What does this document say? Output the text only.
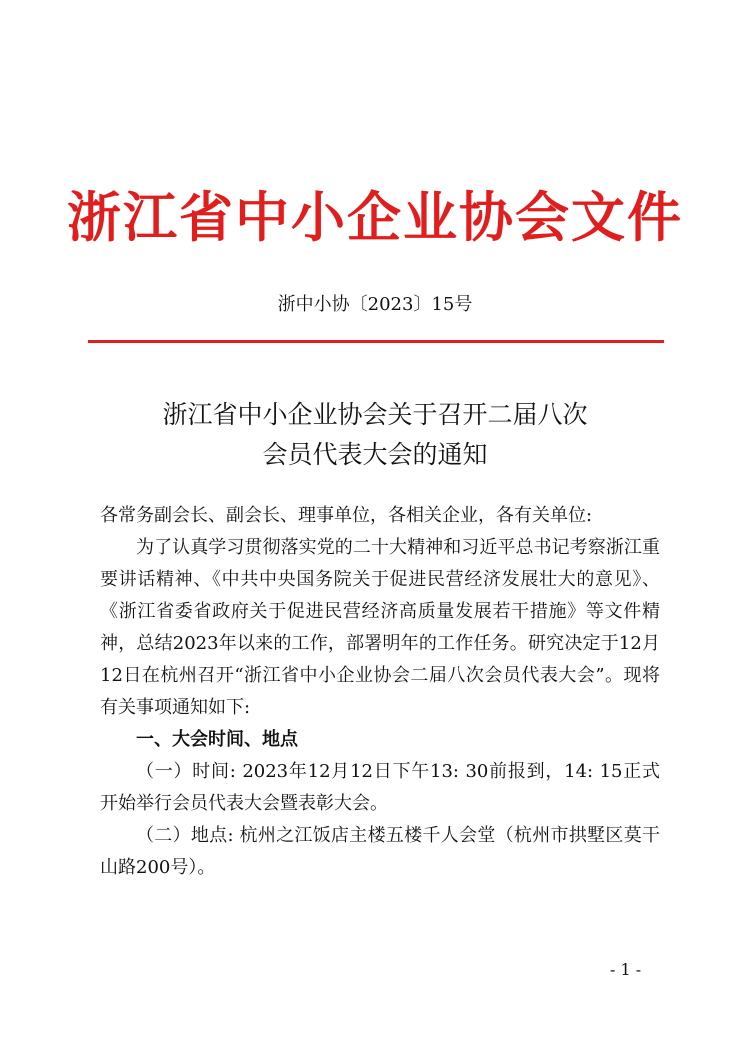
浙江省中小企业协会文件
浙中小协〔2023〕15号
浙江省中小企业协会关于召开二届八次
会员代表大会的通知

各常务副会长、副会长、理事单位，各相关企业，各有关单位:

为了认真学习贯彻落实党的二十大精神和习近平总书记考察浙江重要讲话精神、《中共中央国务院关于促进民营经济发展壮大的意见》、《浙江省委省政府关于促进民营经济高质量发展若干措施》等文件精神，总结2023年以来的工作，部署明年的工作任务。研究决定于12月12日在杭州召开“浙江省中小企业协会二届八次会员代表大会”。现将有关事项通知如下:

一、大会时间、地点

（一）时间: 2023年12月12日下午13: 30前报到，14: 15正式开始举行会员代表大会暨表彰大会。

（二）地点: 杭州之江饭店主楼五楼千人会堂（杭州市拱墅区莫干山路200号）。

- 1 -
